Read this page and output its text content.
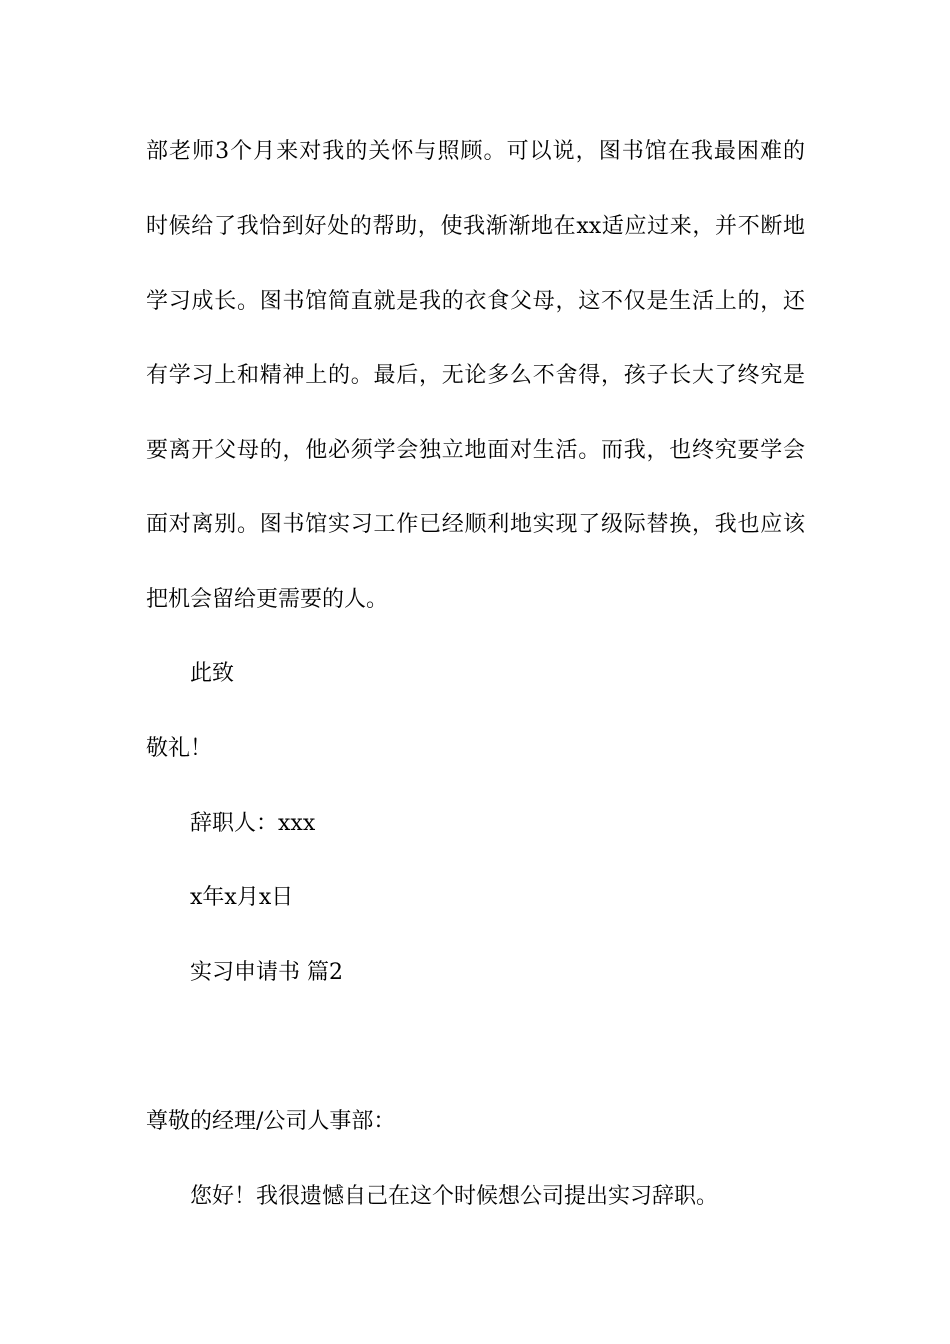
部老师3个月来对我的关怀与照顾。可以说，图书馆在我最困难的
时候给了我恰到好处的帮助，使我渐渐地在xx适应过来，并不断地
学习成长。图书馆简直就是我的衣食父母，这不仅是生活上的，还
有学习上和精神上的。最后，无论多么不舍得，孩子长大了终究是
要离开父母的，他必须学会独立地面对生活。而我，也终究要学会
面对离别。图书馆实习工作已经顺利地实现了级际替换，我也应该
把机会留给更需要的人。
此致
敬礼！
辞职人：xxx
x年x月x日
实习申请书 篇2
尊敬的经理/公司人事部：
您好！我很遗憾自己在这个时候想公司提出实习辞职。
